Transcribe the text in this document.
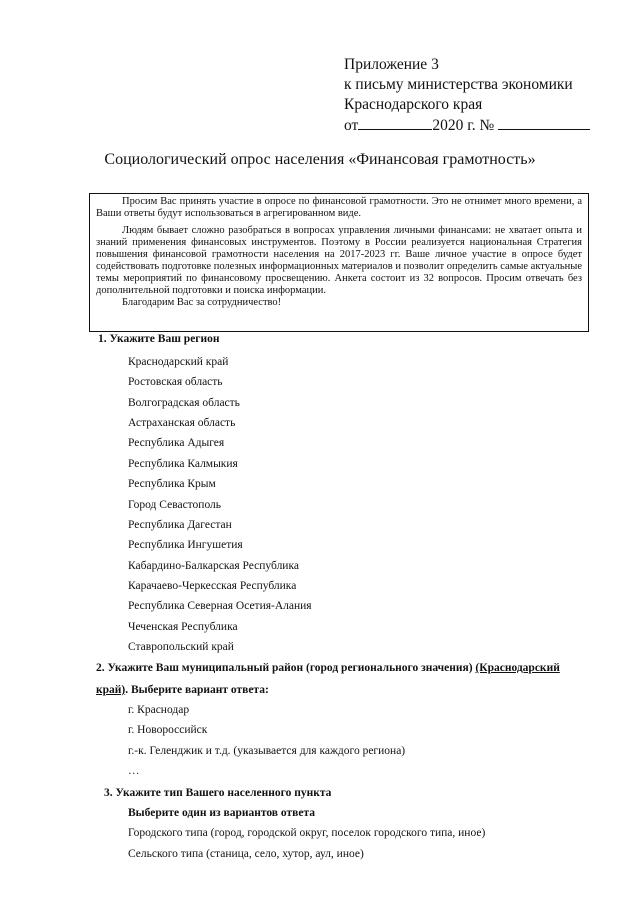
Приложение 3
к письму министерства экономики
Краснодарского края
от	2020 г. №
Социологический опрос населения «Финансовая грамотность»

Просим Вас принять участие в опросе по финансовой грамотности. Это не отнимет много времени, а Ваши ответы будут использоваться в агрегированном виде.

Людям бывает сложно разобраться в вопросах управления личными финансами: не хватает опыта и знаний применения финансовых инструментов. Поэтому в России реализуется национальная Стратегия повышения финансовой грамотности населения на 2017-2023 гг. Ваше личное участие в опросе будет содействовать подготовке полезных информационных материалов и позволит определить самые актуальные темы мероприятий по финансовому просвещению. Анкета состоит из 32 вопросов. Просим отвечать без дополнительной подготовки и поиска информации.

Благодарим Вас за сотрудничество!

1. Укажите Ваш регион
Краснодарский край
Ростовская область
Волгоградская область
Астраханская область
Республика Адыгея
Республика Калмыкия
Республика Крым
Город Севастополь
Республика Дагестан
Республика Ингушетия
Кабардино-Балкарская Республика
Карачаево-Черкесская Республика
Республика Северная Осетия-Алания
Чеченская Республика
Ставропольский край
2. Укажите Ваш муниципальный район (город регионального значения) (Краснодарский
край). Выберите вариант ответа:
г. Краснодар
г. Новороссийск
г.-к. Геленджик и т.д. (указывается для каждого региона)
…
3. Укажите тип Вашего населенного пункта
Выберите один из вариантов ответа
Городского типа (город, городской округ, поселок городского типа, иное)
Сельского типа (станица, село, хутор, аул, иное)
